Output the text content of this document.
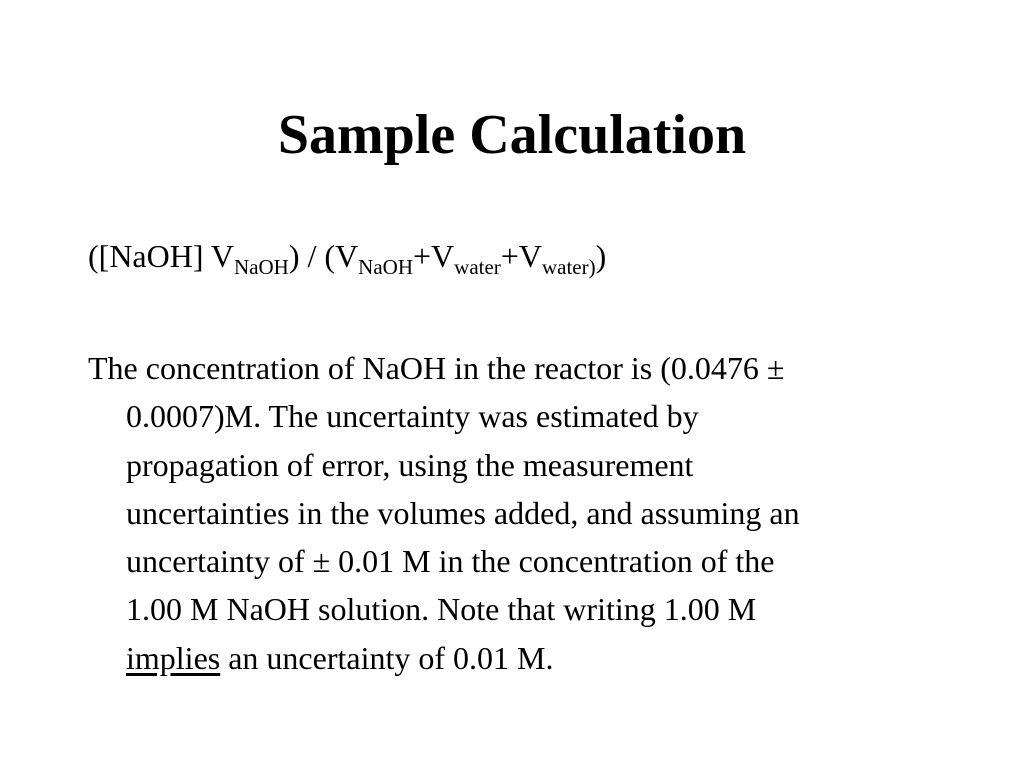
Sample Calculation
([NaOH] $V_{NaOH}) / (V_{NaOH}+V_{water}+V_{water)})$

The concentration of NaOH in the reactor is (0.0476 ±
0.0007)M. The uncertainty was estimated by
propagation of error, using the measurement
uncertainties in the volumes added, and assuming an
uncertainty of ± 0.01 M in the concentration of the
1.00 M NaOH solution. Note that writing 1.00 M
implies an uncertainty of 0.01 M.
